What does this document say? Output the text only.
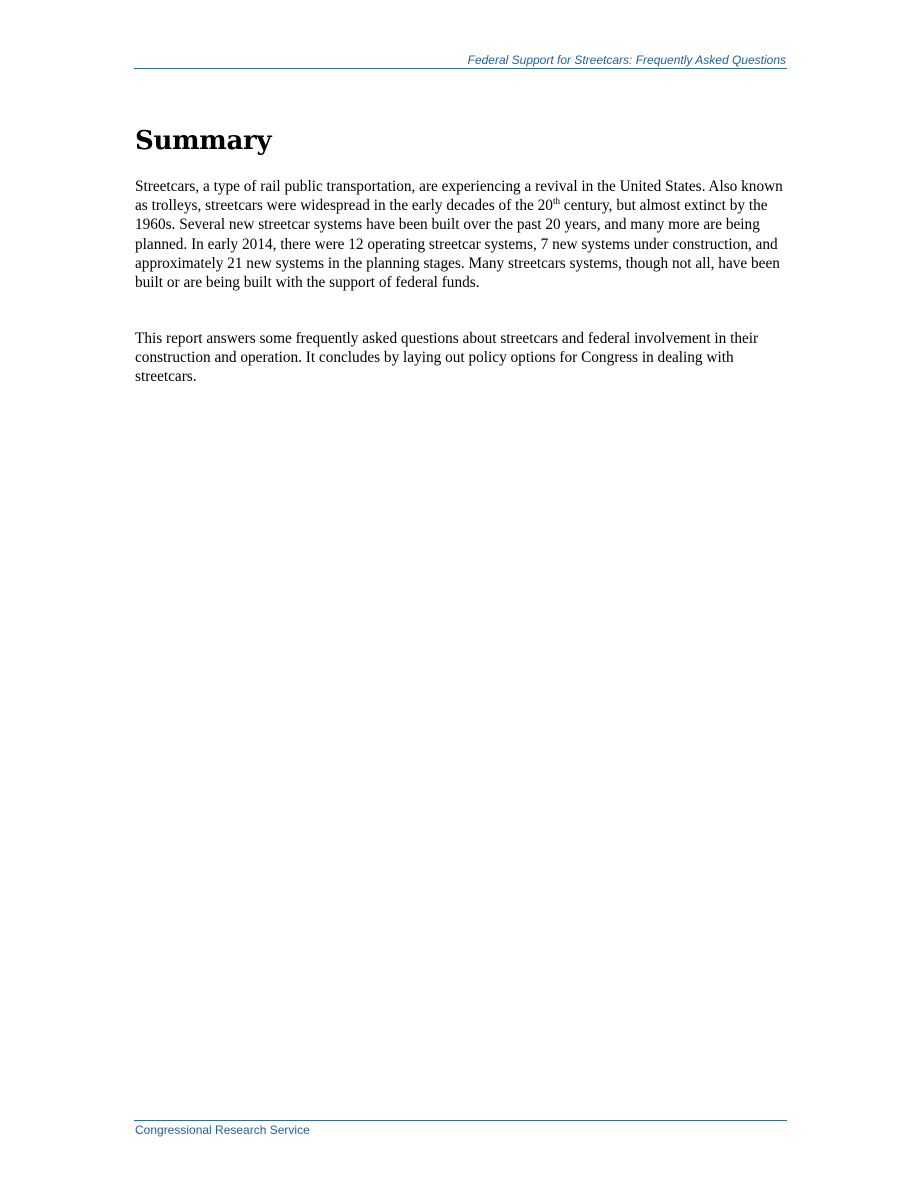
Federal Support for Streetcars: Frequently Asked Questions
Summary

Streetcars, a type of rail public transportation, are experiencing a revival in the United States. Also known as trolleys, streetcars were widespread in the early decades of the 20th century, but almost extinct by the 1960s. Several new streetcar systems have been built over the past 20 years, and many more are being planned. In early 2014, there were 12 operating streetcar systems, 7 new systems under construction, and approximately 21 new systems in the planning stages. Many streetcars systems, though not all, have been built or are being built with the support of federal funds.

This report answers some frequently asked questions about streetcars and federal involvement in their construction and operation. It concludes by laying out policy options for Congress in dealing with streetcars.

Congressional Research Service
